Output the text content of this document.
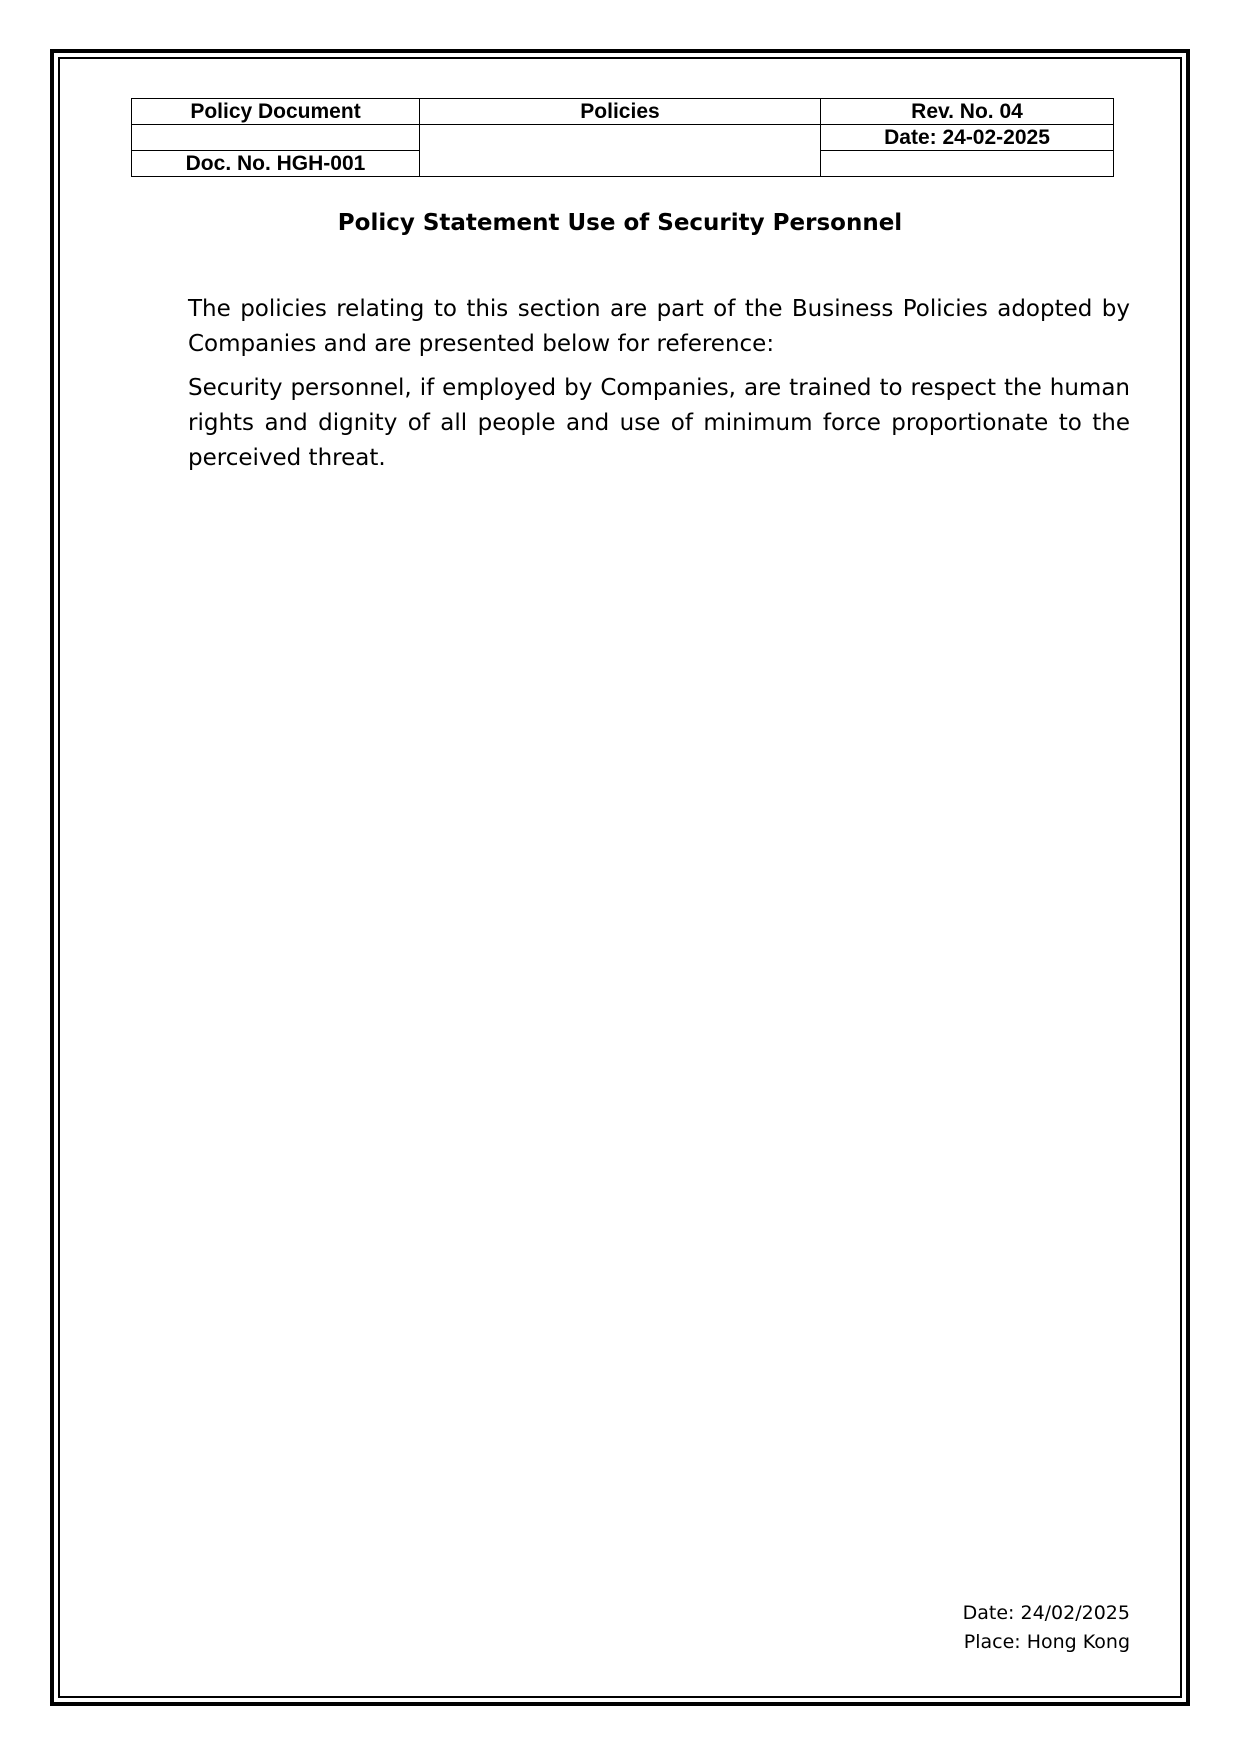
Policy Document	Policies	Rev. No. 04
		Date: 24-02-2025
Doc. No. HGH-001		
Policy Statement Use of Security Personnel
The policies relating to this section are part of the Business Policies adopted by Companies and are presented below for reference:
Security personnel, if employed by Companies, are trained to respect the human rights and dignity of all people and use of minimum force proportionate to the perceived threat.
Date: 24/02/2025
Place: Hong Kong
